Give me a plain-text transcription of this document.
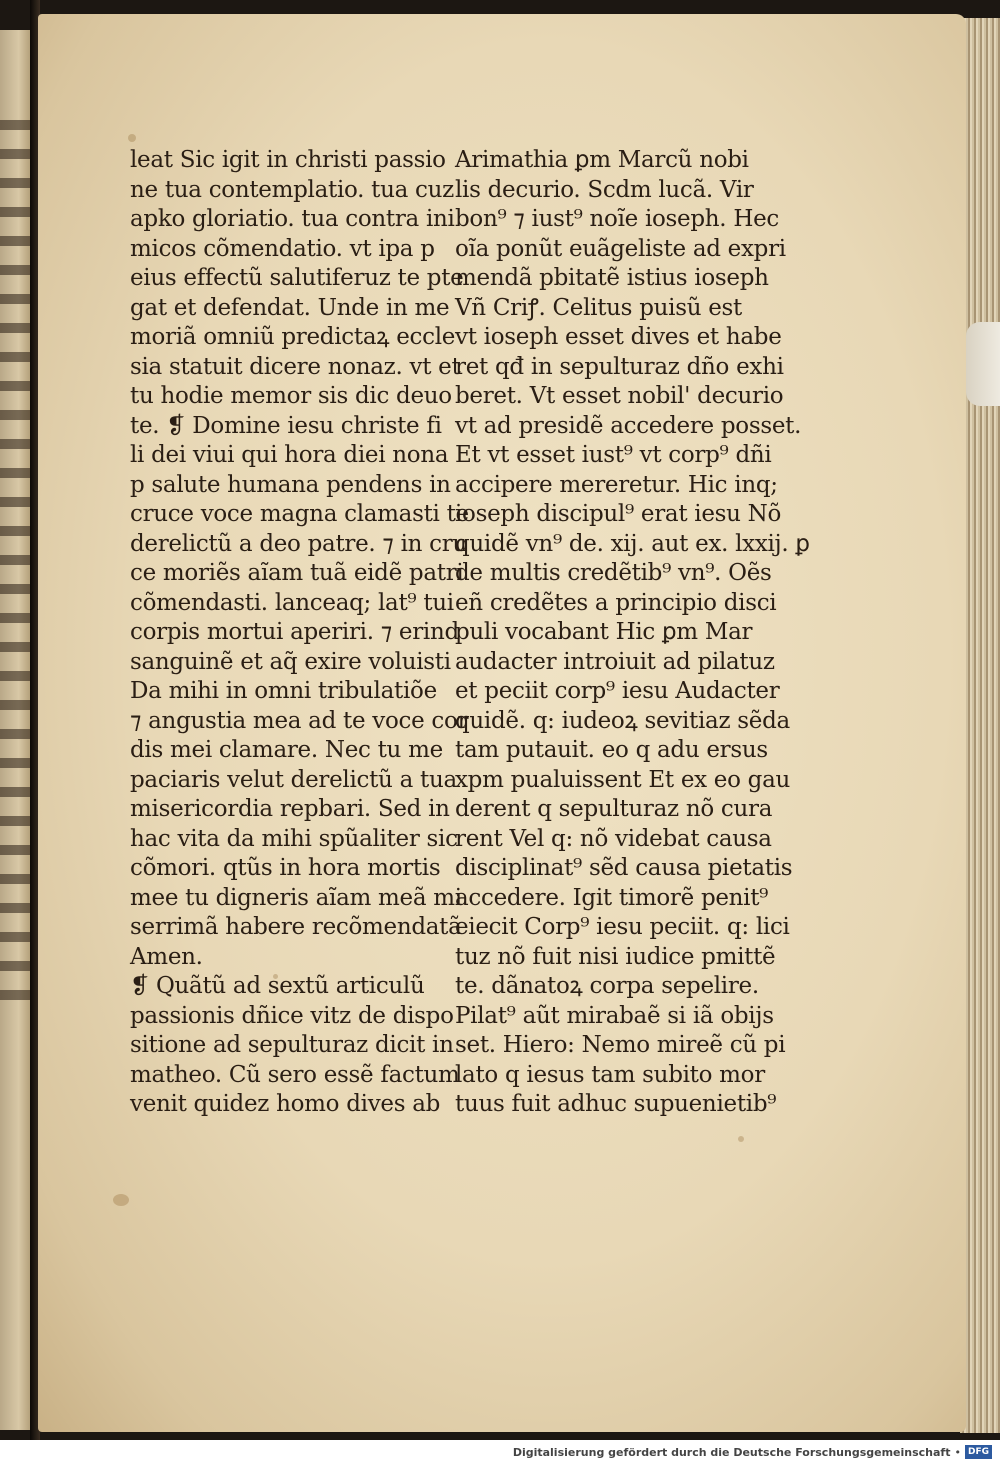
leat Sic igit in christi passio
ne tua contemplatio. tua cuz
apko gloriatio. tua contra ini
micos cõmendatio. vt ipa p
eius effectũ salutiferuz te pte
gat et defendat. Unde in me
moriã omniũ predictaꝝ eccle
sia statuit dicere nonaz. vt et
tu hodie memor sis dic deuo
te. ❡ Domine iesu christe fi
li dei viui qui hora diei nona
p salute humana pendens in
cruce voce magna clamasti te
derelictũ a deo patre. ⁊ in cru
ce moriẽs aĩam tuã eidẽ patri
cõmendasti. lanceaq; lat⁹ tui
corpis mortui aperiri. ⁊ erind
sanguinẽ et aq̃ exire voluisti
Da mihi in omni tribulatiõe
⁊ angustia mea ad te voce cor
dis mei clamare. Nec tu me
paciaris velut derelictũ a tua
misericordia repbari. Sed in
hac vita da mihi spũaliter sic
cõmori. qtũs in hora mortis
mee tu digneris aĩam meã mi
serrimã habere recõmendatã
Amen.
❡ Quãtũ ad sextũ articulũ
passionis dñice vitz de dispo
sitione ad sepulturaz dicit in
matheo. Cũ sero essẽ factum
venit quidez homo dives ab
Arimathia ꝑm Marcũ nobi
lis decurio. Scdm lucã. Vir
bon⁹ ⁊ iust⁹ noĩe ioseph. Hec
oĩa ponũt euãgeliste ad expri
mendã pbitatẽ istius ioseph
Vñ Criꝭ. Celitus puisũ est
vt ioseph esset dives et habe
ret qđ in sepulturaz dño exhi
beret. Vt esset nobil' decurio
vt ad presidẽ accedere posset.
Et vt esset iust⁹ vt corp⁹ dñi
accipere mereretur. Hic inq;
ioseph discipul⁹ erat iesu Nõ
quidẽ vn⁹ de. xij. aut ex. lxxij. ꝑ
de multis credẽtib⁹ vn⁹. Oẽs
eñ credẽtes a principio disci
puli vocabant Hic ꝑm Mar
audacter introiuit ad pilatuz
et peciit corp⁹ iesu Audacter
quidẽ. q: iudeoꝝ sevitiaz sẽda
tam putauit. eo q adu ersus
xpm pualuissent Et ex eo gau
derent q sepulturaz nõ cura
rent Vel q: nõ videbat causa
disciplinat⁹ sẽd causa pietatis
accedere. Igit timorẽ penit⁹
eiecit Corp⁹ iesu peciit. q: lici
tuz nõ fuit nisi iudice pmittẽ
te. dãnatoꝝ corpa sepelire.
Pilat⁹ aũt mirabaẽ si iã obijs
set. Hiero: Nemo mireẽ cũ pi
lato q iesus tam subito mor
tuus fuit adhuc supuenietib⁹
Digitalisierung gefördert durch die Deutsche Forschungsgemeinschaft • DFG
